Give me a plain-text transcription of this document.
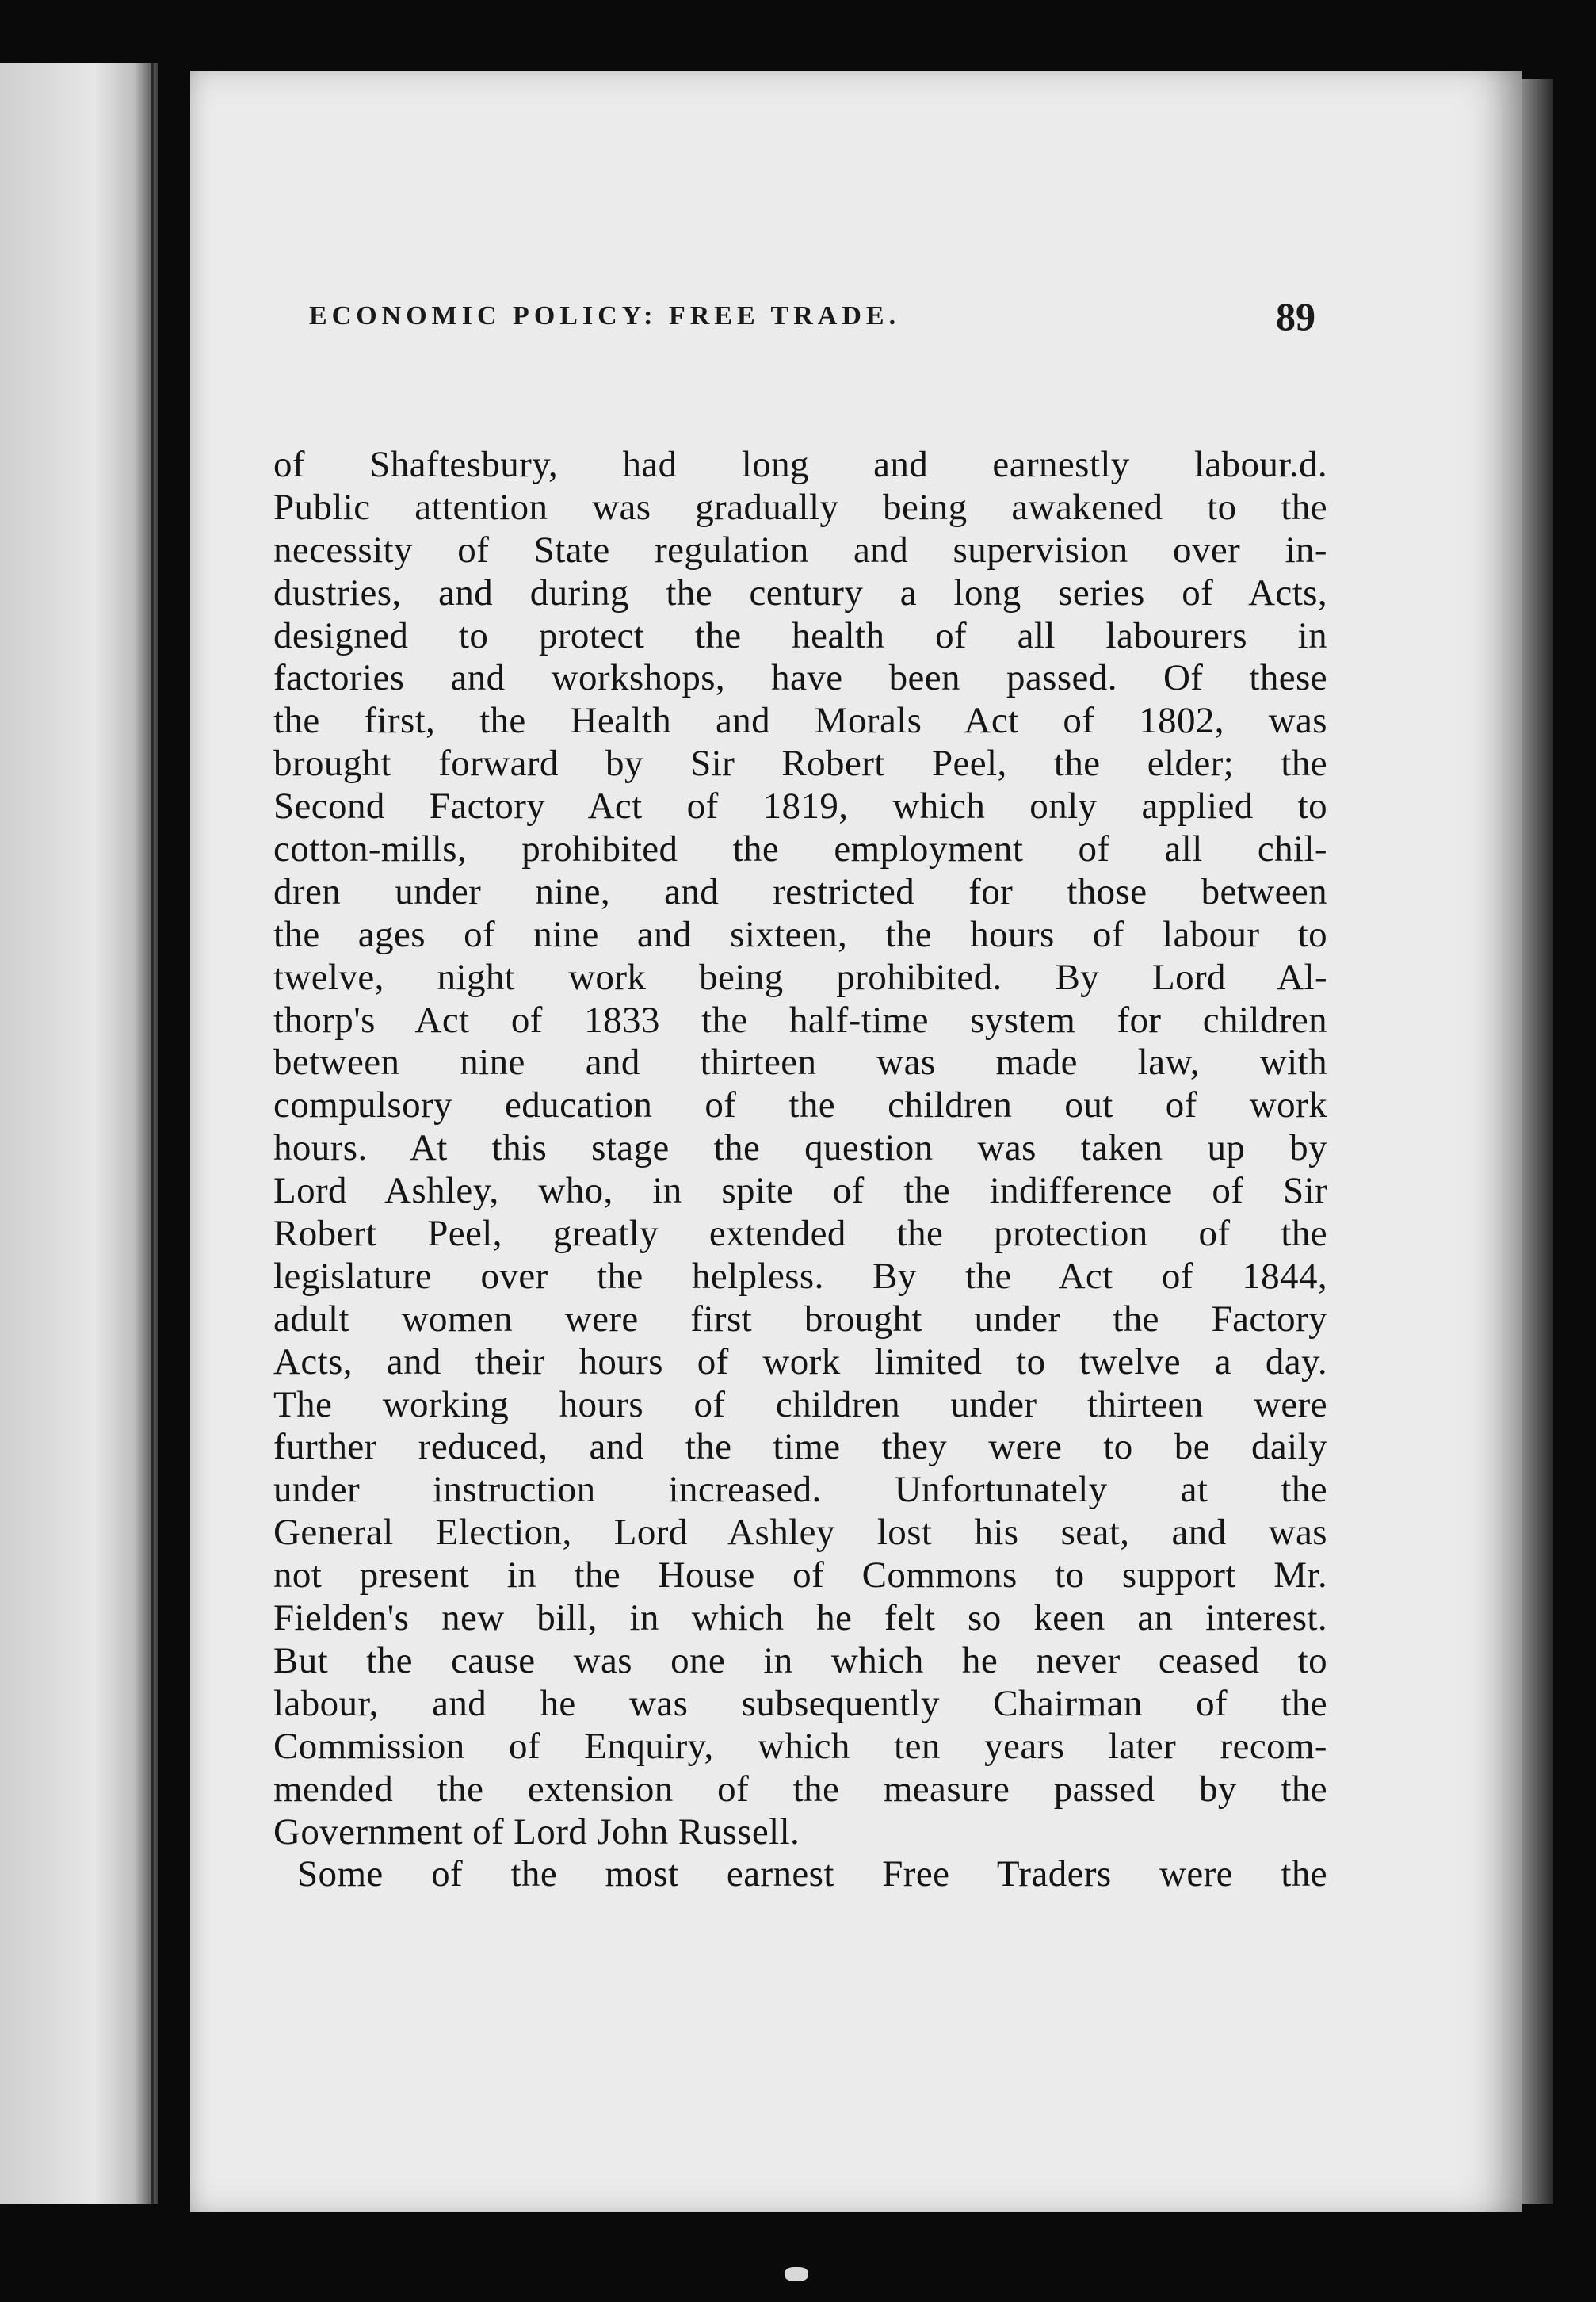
ECONOMIC POLICY: FREE TRADE.	89
of Shaftesbury, had long and earnestly labour.d.
Public attention was gradually being awakened to the
necessity of State regulation and supervision over in-
dustries, and during the century a long series of Acts,
designed to protect the health of all labourers in
factories and workshops, have been passed. Of these
the first, the Health and Morals Act of 1802, was
brought forward by Sir Robert Peel, the elder; the
Second Factory Act of 1819, which only applied to
cotton-mills, prohibited the employment of all chil-
dren under nine, and restricted for those between
the ages of nine and sixteen, the hours of labour to
twelve, night work being prohibited. By Lord Al-
thorp's Act of 1833 the half-time system for children
between nine and thirteen was made law, with
compulsory education of the children out of work
hours. At this stage the question was taken up by
Lord Ashley, who, in spite of the indifference of Sir
Robert Peel, greatly extended the protection of the
legislature over the helpless. By the Act of 1844,
adult women were first brought under the Factory
Acts, and their hours of work limited to twelve a day.
The working hours of children under thirteen were
further reduced, and the time they were to be daily
under instruction increased. Unfortunately at the
General Election, Lord Ashley lost his seat, and was
not present in the House of Commons to support Mr.
Fielden's new bill, in which he felt so keen an interest.
But the cause was one in which he never ceased to
labour, and he was subsequently Chairman of the
Commission of Enquiry, which ten years later recom-
mended the extension of the measure passed by the
Government of Lord John Russell.
Some of the most earnest Free Traders were the
